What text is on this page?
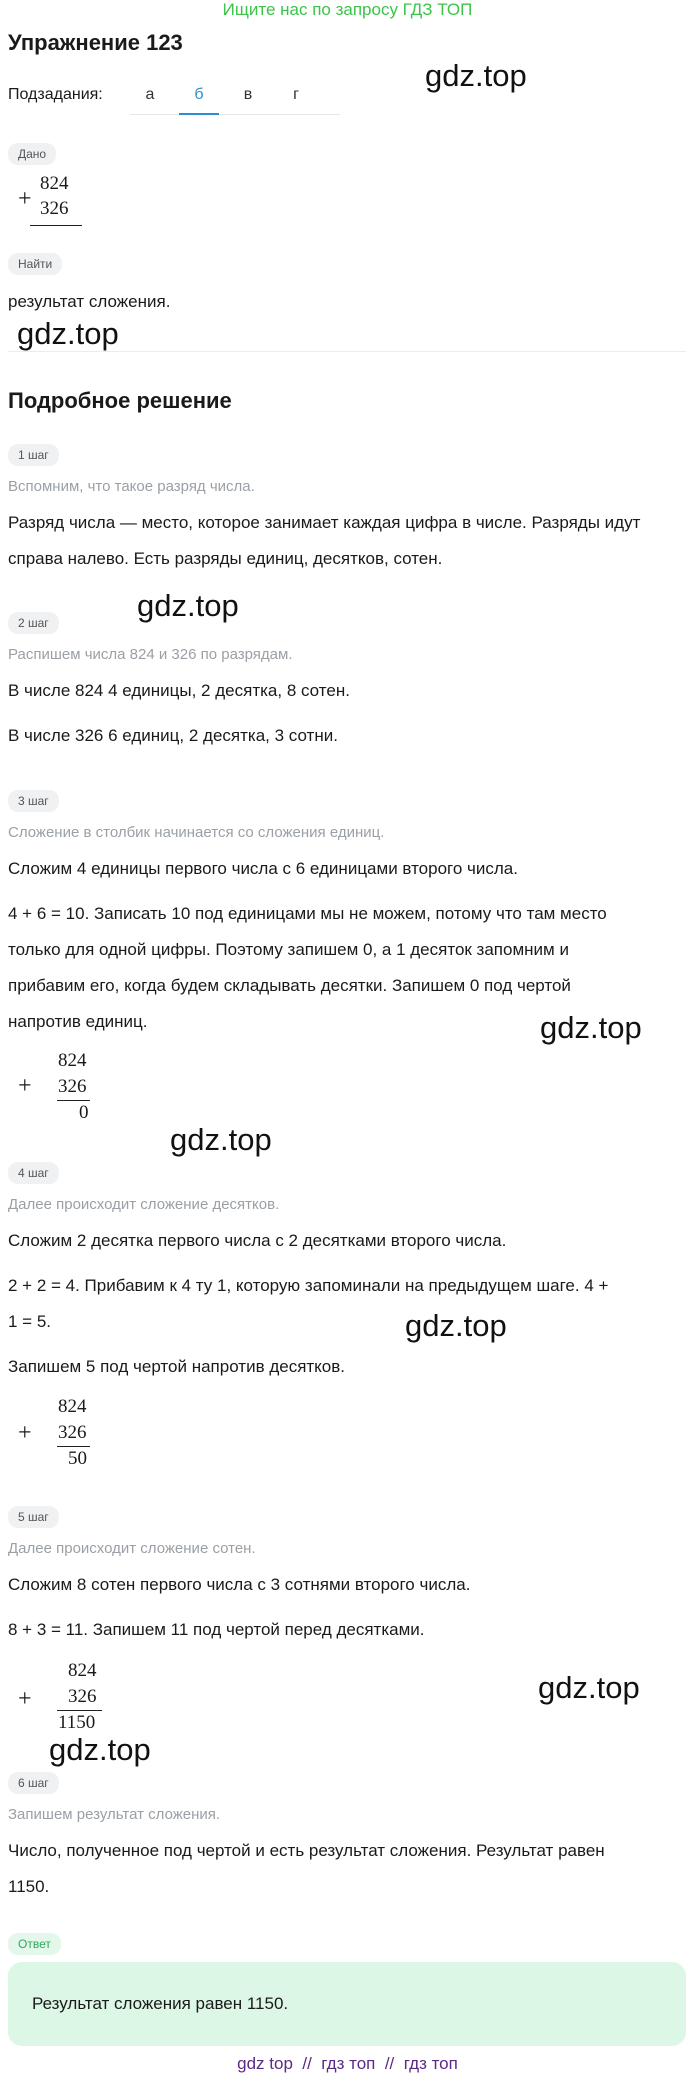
Ищите нас по запросу ГДЗ ТОП
Упражнение 123
Подзадания:	а	б	в	г
gdz.top
Дано
+
824
326
Найти
результат сложения.
gdz.top
Подробное решение
1 шаг
Вспомним, что такое разряд числа.
Разряд числа — место, которое занимает каждая цифра в числе. Разряды идут справа налево. Есть разряды единиц, десятков, сотен.
2 шаг	gdz.top
Распишем числа 824 и 326 по разрядам.
В числе 824 4 единицы, 2 десятка, 8 сотен.
В числе 326 6 единиц, 2 десятка, 3 сотни.
3 шаг
Сложение в столбик начинается со сложения единиц.
Сложим 4 единицы первого числа с 6 единицами второго числа.
4 + 6 = 10. Записать 10 под единицами мы не можем, потому что там место
только для одной цифры. Поэтому запишем 0, а 1 десяток запомним и
прибавим его, когда будем складывать десятки. Запишем 0 под чертой
напротив единиц.	gdz.top
+
824
326
0
gdz.top
4 шаг
Далее происходит сложение десятков.
Сложим 2 десятка первого числа с 2 десятками второго числа.
2 + 2 = 4. Прибавим к 4 ту 1, которую запоминали на предыдущем шаге. 4 +
1 = 5.	gdz.top
Запишем 5 под чертой напротив десятков.
+
824
326
50
5 шаг
Далее происходит сложение сотен.
Сложим 8 сотен первого числа с 3 сотнями второго числа.
8 + 3 = 11. Запишем 11 под чертой перед десятками.
+
824
326
1150
gdz.top
gdz.top
6 шаг
Запишем результат сложения.
Число, полученное под чертой и есть результат сложения. Результат равен
1150.
Ответ
Результат сложения равен 1150.
gdz top  //  гдз топ  //  гдз топ
